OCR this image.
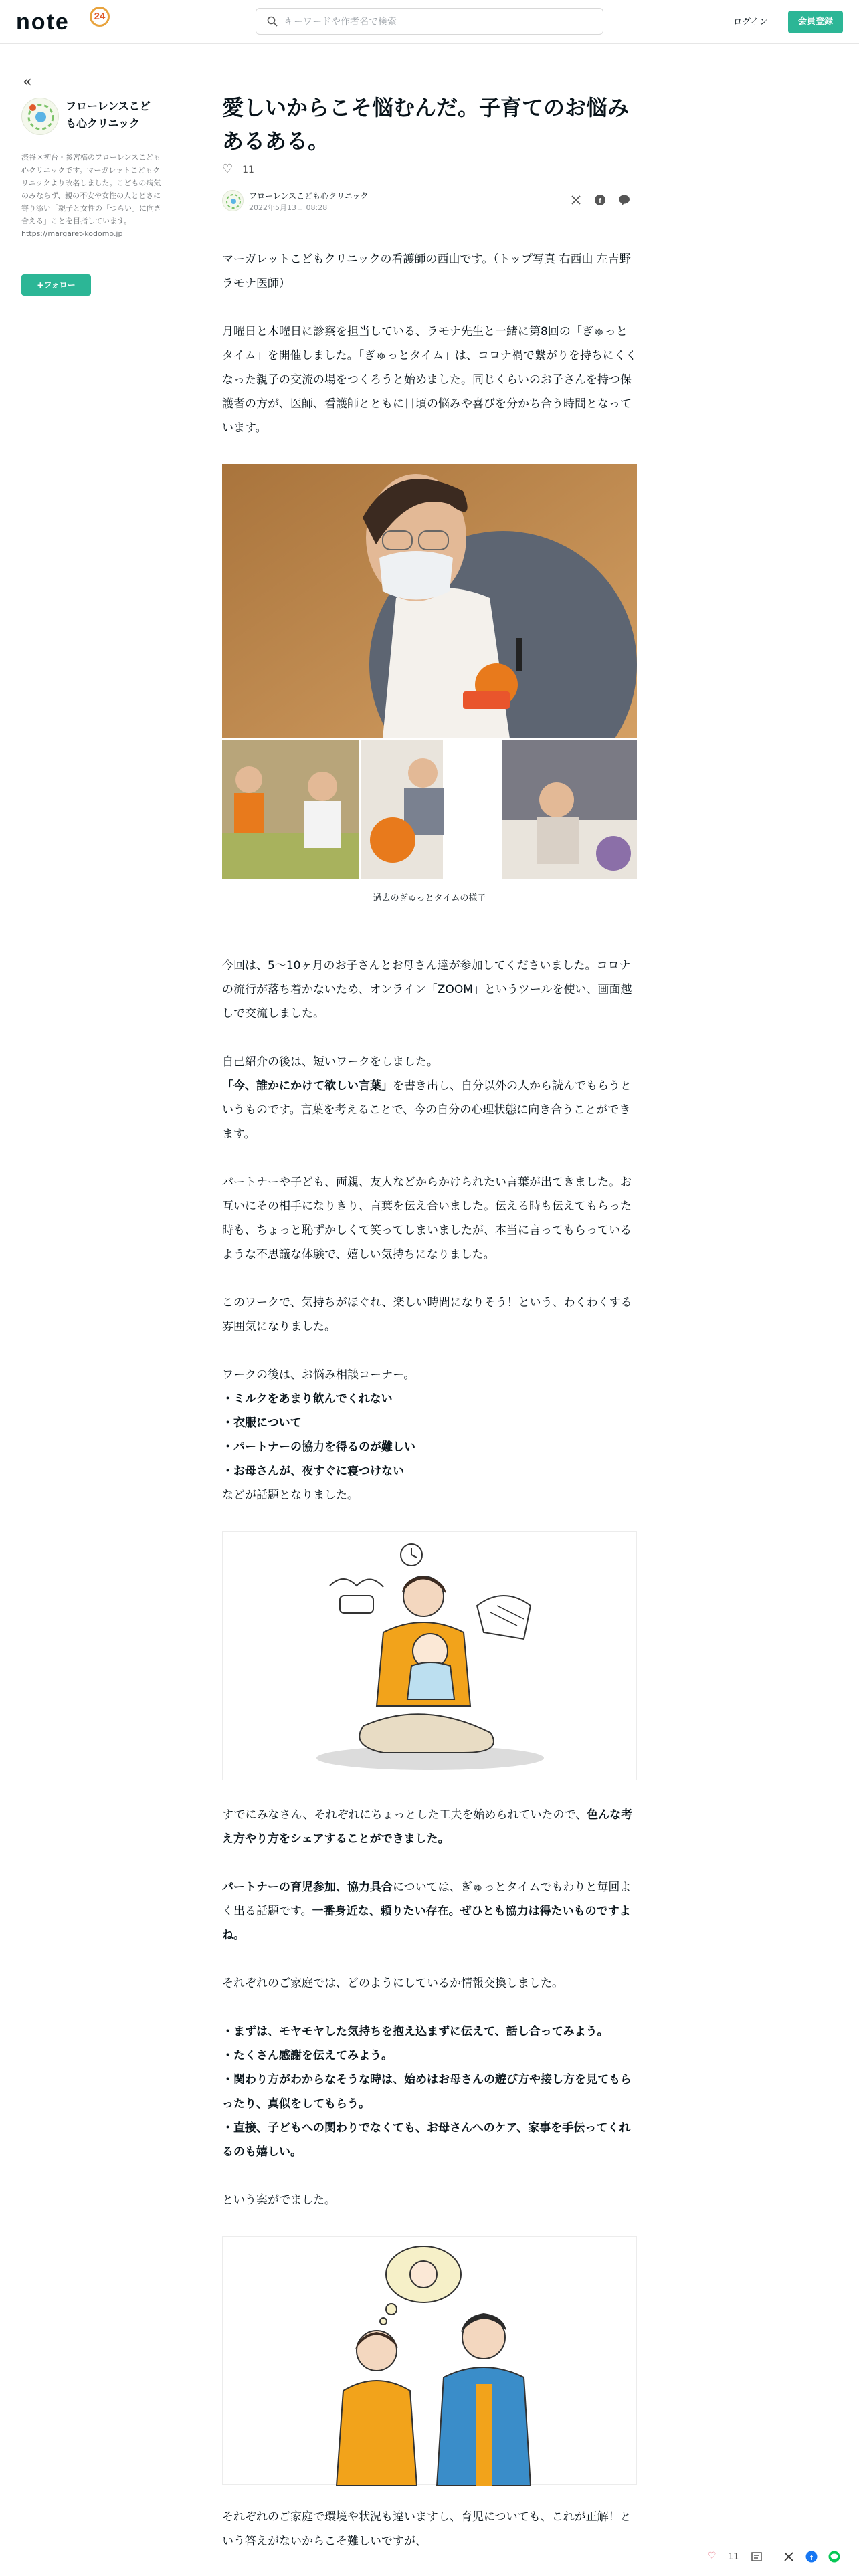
note	24
キーワードや作者名で検索
ログイン	会員登録
«
フローレンスこども心クリニック
渋谷区初台・参宮橋のフローレンスこども心クリニックです。マーガレットこどもクリニックより改名しました。こどもの病気のみならず、親の不安や女性の人とどさに寄り添い「親子と女性の「つらい」に向き合える」ことを目指しています。https://margaret-kodomo.jp
+フォロー
愛しいからこそ悩むんだ。子育てのお悩みあるある。
♡ 11
フローレンスこども心クリニック
2022年5月13日 08:28
f
マーガレットこどもクリニックの看護師の西山です。（トップ写真 右西山 左吉野ラモナ医師）
月曜日と木曜日に診察を担当している、ラモナ先生と一緒に第8回の「ぎゅっとタイム」を開催しました。「ぎゅっとタイム」は、コロナ禍で繋がりを持ちにくくなった親子の交流の場をつくろうと始めました。同じくらいのお子さんを持つ保護者の方が、医師、看護師とともに日頃の悩みや喜びを分かち合う時間となっています。
過去のぎゅっとタイムの様子
今回は、5〜10ヶ月のお子さんとお母さん達が参加してくださいました。コロナの流行が落ち着かないため、オンライン「ZOOM」というツールを使い、画面越しで交流しました。
自己紹介の後は、短いワークをしました。
「今、誰かにかけて欲しい言葉」を書き出し、自分以外の人から読んでもらうというものです。言葉を考えることで、今の自分の心理状態に向き合うことができます。
パートナーや子ども、両親、友人などからかけられたい言葉が出てきました。お互いにその相手になりきり、言葉を伝え合いました。伝える時も伝えてもらった時も、ちょっと恥ずかしくて笑ってしまいましたが、本当に言ってもらっているような不思議な体験で、嬉しい気持ちになりました。
このワークで、気持ちがほぐれ、楽しい時間になりそう！という、わくわくする雰囲気になりました。
ワークの後は、お悩み相談コーナー。
・ミルクをあまり飲んでくれない
・衣服について
・パートナーの協力を得るのが難しい
・お母さんが、夜すぐに寝つけない
などが話題となりました。
すでにみなさん、それぞれにちょっとした工夫を始められていたので、色んな考え方やり方をシェアすることができました。
パートナーの育児参加、協力具合については、ぎゅっとタイムでもわりと毎回よく出る話題です。一番身近な、頼りたい存在。ぜひとも協力は得たいものですよね。
それぞれのご家庭では、どのようにしているか情報交換しました。
・まずは、モヤモヤした気持ちを抱え込まずに伝えて、話し合ってみよう。
・たくさん感謝を伝えてみよう。
・関わり方がわからなそうな時は、始めはお母さんの遊び方や接し方を見てもらったり、真似をしてもらう。
・直接、子どもへの関わりでなくても、お母さんへのケア、家事を手伝ってくれるのも嬉しい。
という案がでました。
それぞれのご家庭で環境や状況も違いますし、育児についても、これが正解！という答えがないからこそ難しいですが、
♡ 11	f
